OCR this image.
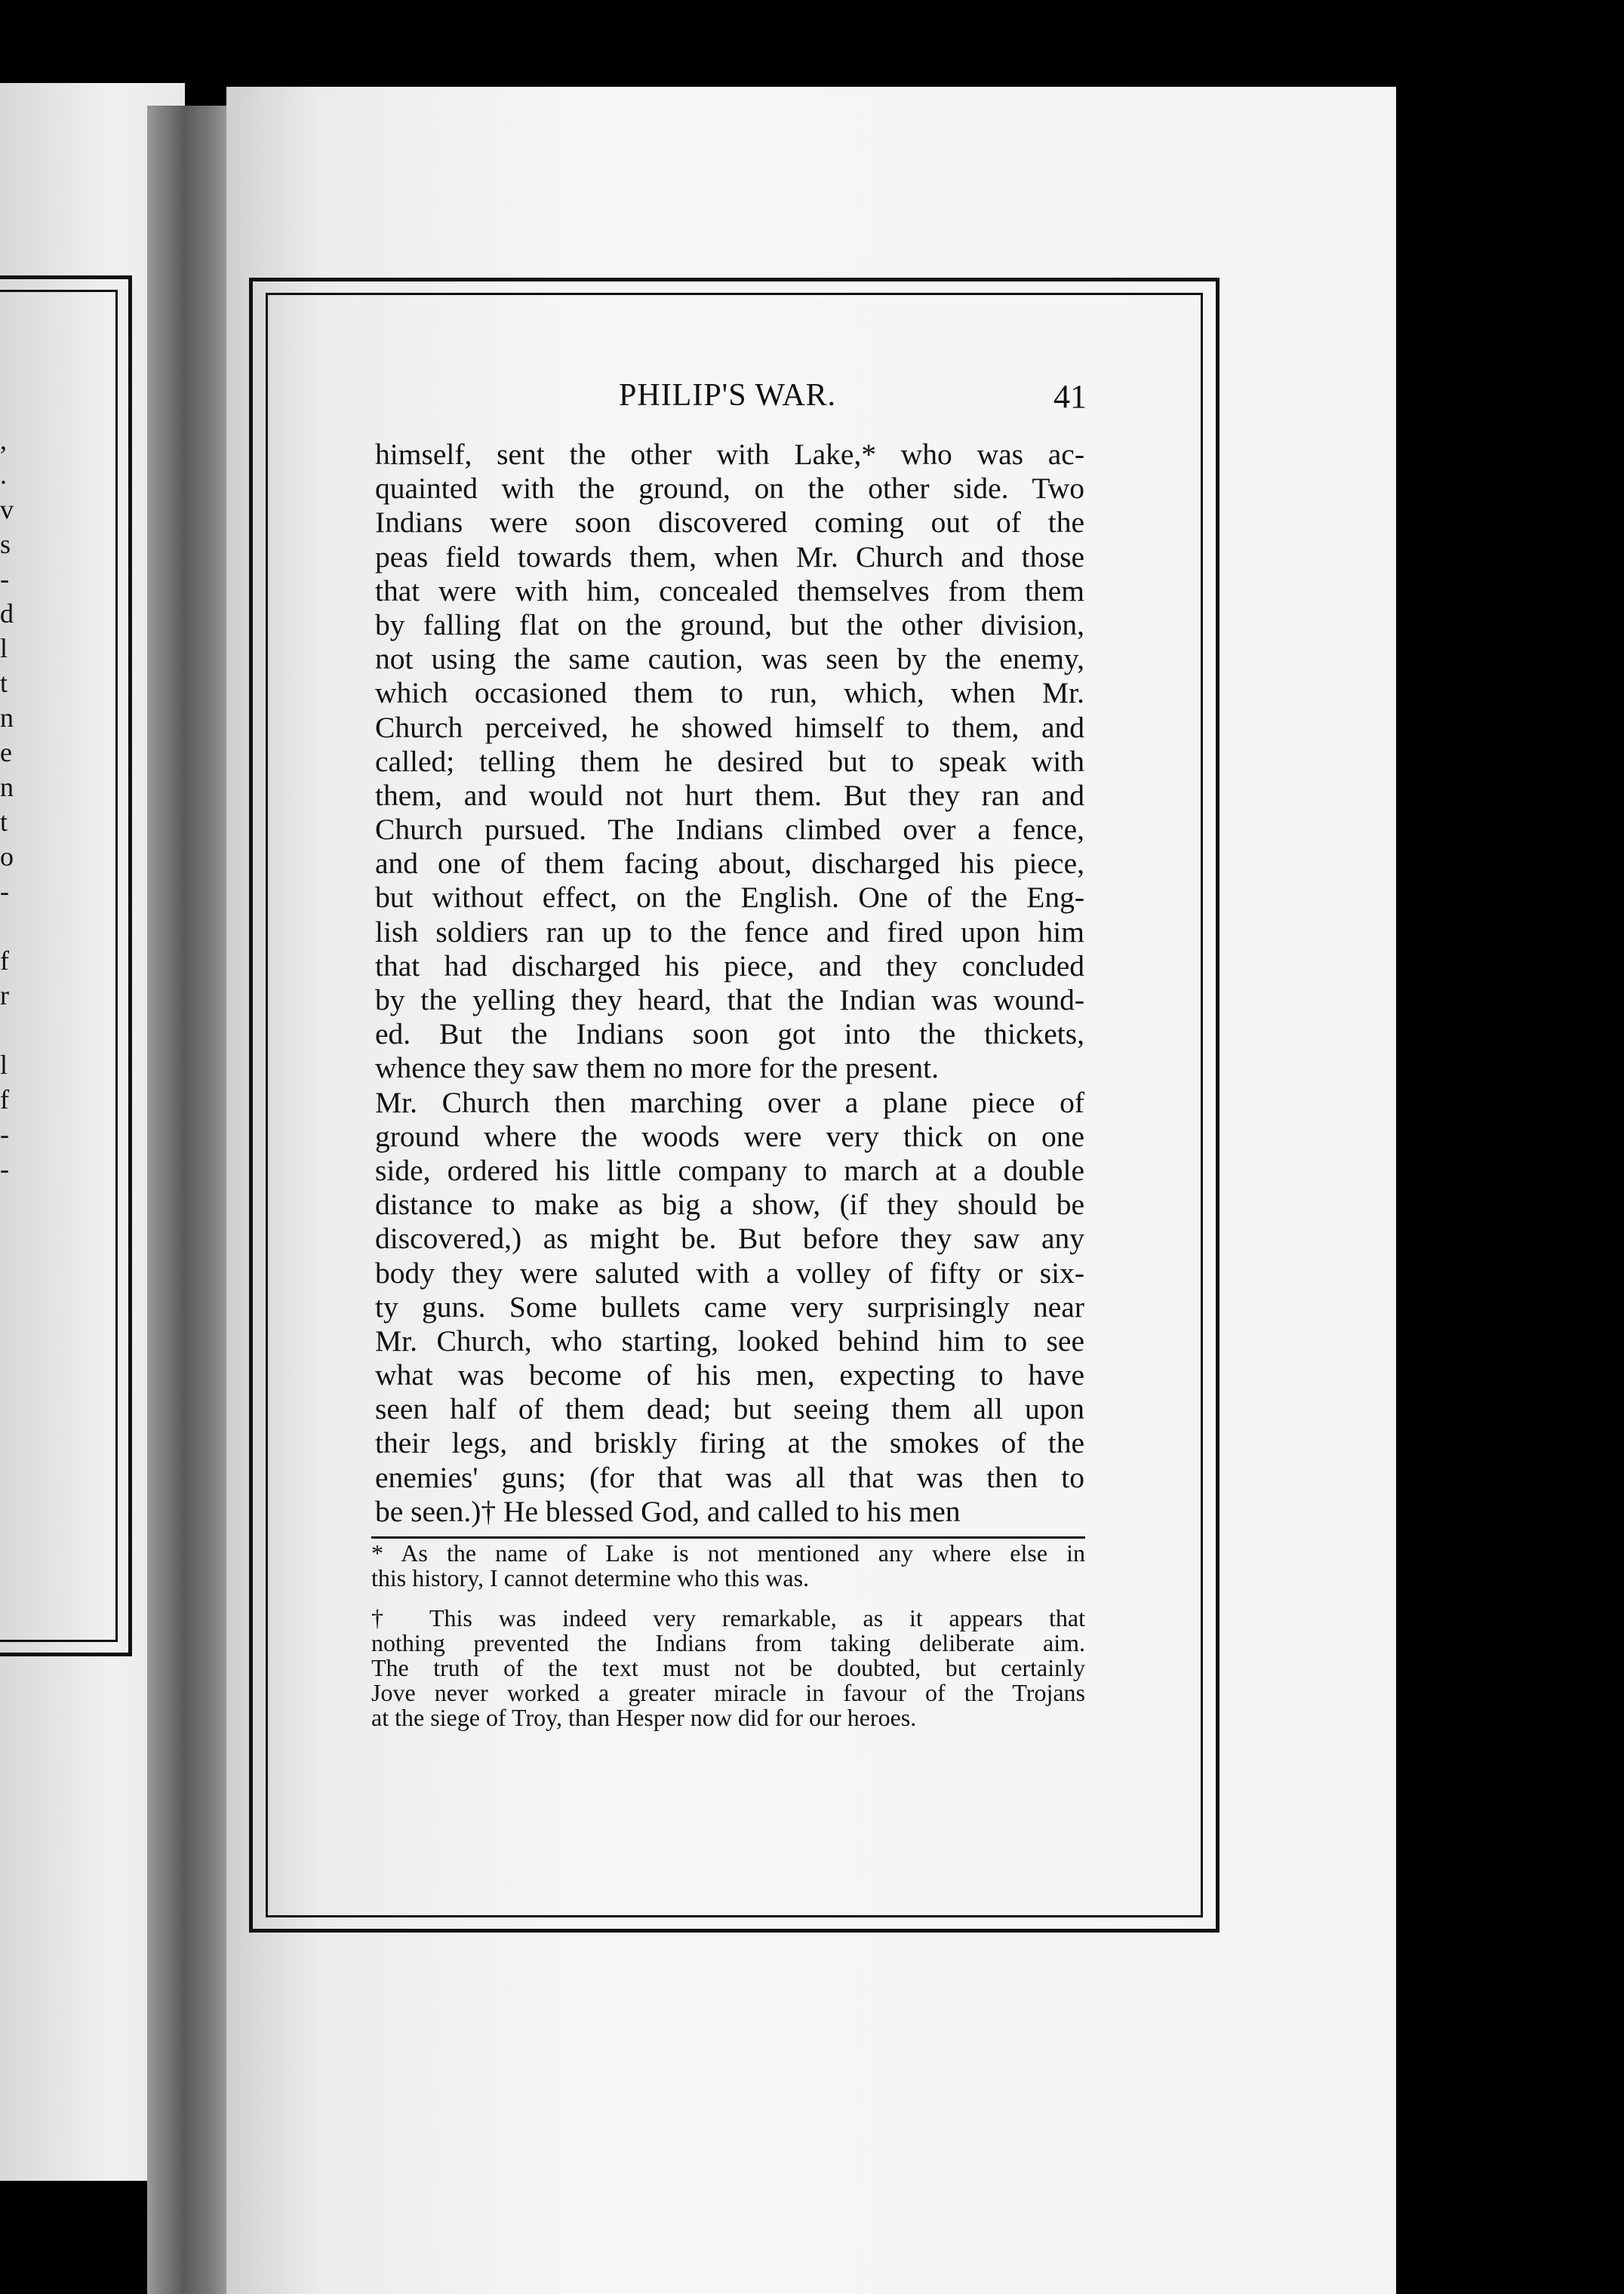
,
.
v
s
-
d
l
t
n
e
n
t
o
-
f
r
l
f
-
-
PHILIP'S WAR.	41
himself, sent the other with Lake,* who was ac-
quainted with the ground, on the other side. Two
Indians were soon discovered coming out of the
peas field towards them, when Mr. Church and those
that were with him, concealed themselves from them
by falling flat on the ground, but the other division,
not using the same caution, was seen by the enemy,
which occasioned them to run, which, when Mr.
Church perceived, he showed himself to them, and
called; telling them he desired but to speak with
them, and would not hurt them. But they ran and
Church pursued. The Indians climbed over a fence,
and one of them facing about, discharged his piece,
but without effect, on the English. One of the Eng-
lish soldiers ran up to the fence and fired upon him
that had discharged his piece, and they concluded
by the yelling they heard, that the Indian was wound-
ed. But the Indians soon got into the thickets,
whence they saw them no more for the present.
Mr. Church then marching over a plane piece of
ground where the woods were very thick on one
side, ordered his little company to march at a double
distance to make as big a show, (if they should be
discovered,) as might be. But before they saw any
body they were saluted with a volley of fifty or six-
ty guns. Some bullets came very surprisingly near
Mr. Church, who starting, looked behind him to see
what was become of his men, expecting to have
seen half of them dead; but seeing them all upon
their legs, and briskly firing at the smokes of the
enemies' guns; (for that was all that was then to
be seen.)† He blessed God, and called to his men
* As the name of Lake is not mentioned any where else in
this history, I cannot determine who this was.
† This was indeed very remarkable, as it appears that
nothing prevented the Indians from taking deliberate aim.
The truth of the text must not be doubted, but certainly
Jove never worked a greater miracle in favour of the Trojans
at the siege of Troy, than Hesper now did for our heroes.
